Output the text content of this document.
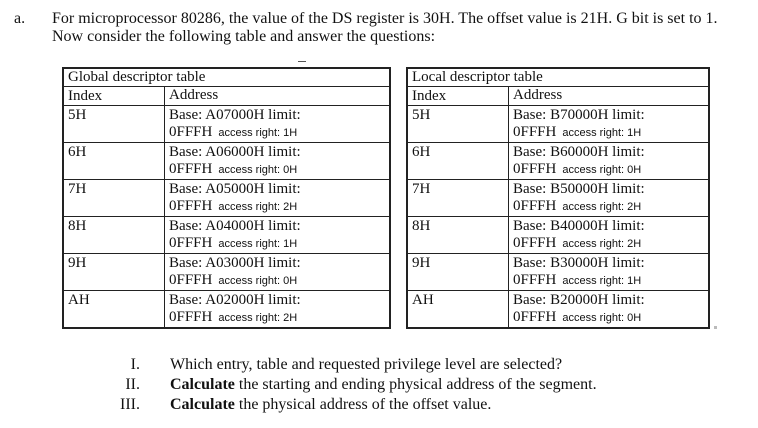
a. For microprocessor 80286, the value of the DS register is 30H. The offset value is 21H. G bit is set to 1.
Now consider the following table and answer the questions:
Global descriptor table	
Index	Address
5H	Base: A07000H limit:
0FFFH access right: 1H

6H	Base: A06000H limit:
0FFFH access right: 0H

7H	Base: A05000H limit:
0FFFH access right: 2H

8H	Base: A04000H limit:
0FFFH access right: 1H

9H	Base: A03000H limit:
0FFFH access right: 0H

AH	Base: A02000H limit:
0FFFH access right: 2H
Local descriptor table	
Index	Address
5H	Base: B70000H limit:
0FFFH access right: 1H

6H	Base: B60000H limit:
0FFFH access right: 0H

7H	Base: B50000H limit:
0FFFH access right: 2H

8H	Base: B40000H limit:
0FFFH access right: 2H

9H	Base: B30000H limit:
0FFFH access right: 1H

AH	Base: B20000H limit:
0FFFH access right: 0H
I.	Which entry, table and requested privilege level are selected?
II.	Calculate the starting and ending physical address of the segment.
III.	Calculate the physical address of the offset value.
